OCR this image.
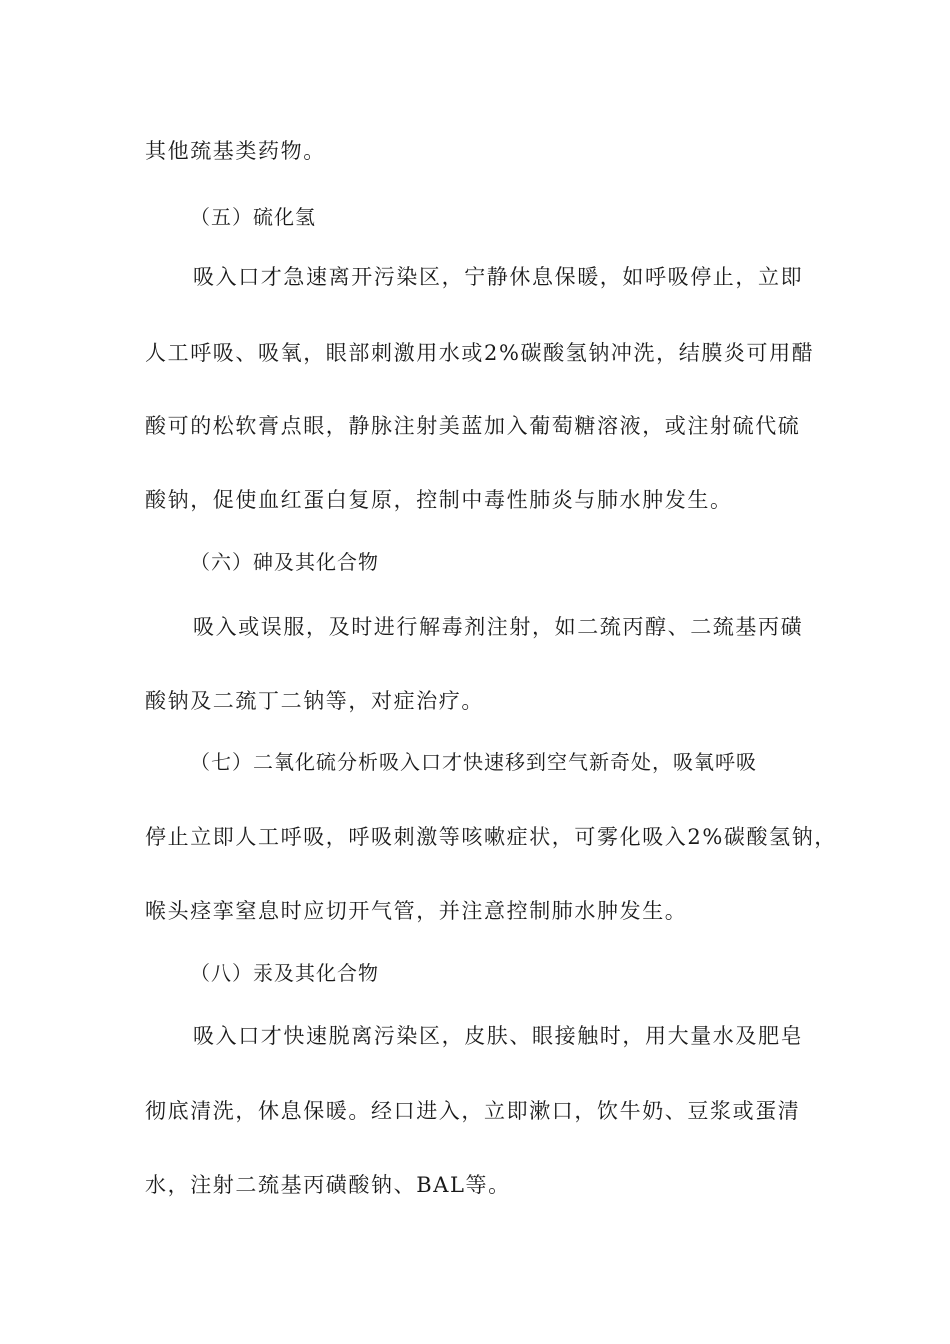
其他巯基类药物。
（五）硫化氢
吸入口才急速离开污染区，宁静休息保暖，如呼吸停止，立即
人工呼吸、吸氧，眼部刺激用水或2%碳酸氢钠冲洗，结膜炎可用醋
酸可的松软膏点眼，静脉注射美蓝加入葡萄糖溶液，或注射硫代硫
酸钠，促使血红蛋白复原，控制中毒性肺炎与肺水肿发生。
（六）砷及其化合物
吸入或误服，及时进行解毒剂注射，如二巯丙醇、二巯基丙磺
酸钠及二巯丁二钠等，对症治疗。
（七）二氧化硫分析吸入口才快速移到空气新奇处，吸氧呼吸
停止立即人工呼吸，呼吸刺激等咳嗽症状，可雾化吸入2%碳酸氢钠，
喉头痉挛窒息时应切开气管，并注意控制肺水肿发生。
（八）汞及其化合物
吸入口才快速脱离污染区，皮肤、眼接触时，用大量水及肥皂
彻底清洗，休息保暖。经口进入，立即漱口，饮牛奶、豆浆或蛋清
水，注射二巯基丙磺酸钠、BAL等。
